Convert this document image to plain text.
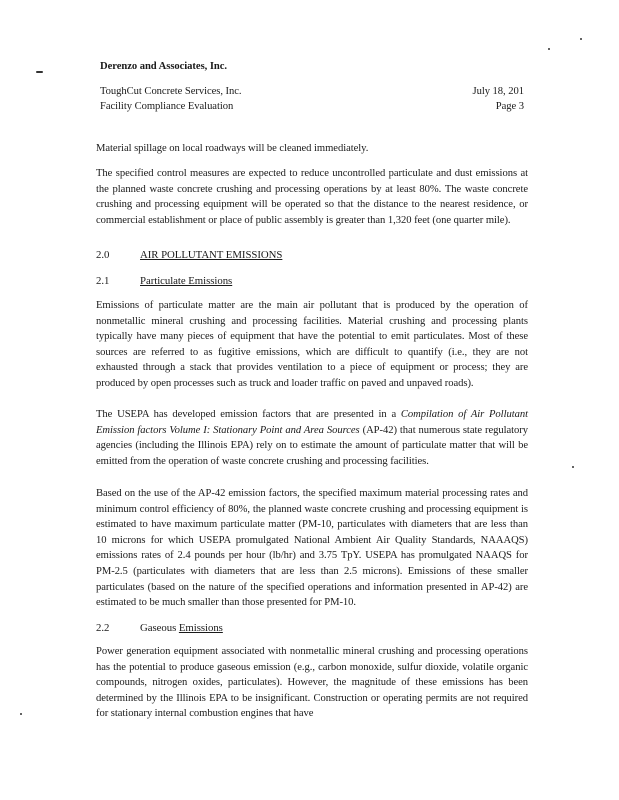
Derenzo and Associates, Inc.
ToughCut Concrete Services, Inc.
Facility Compliance Evaluation
July 18, 201
Page 3
Material spillage on local roadways will be cleaned immediately.
The specified control measures are expected to reduce uncontrolled particulate and dust emissions at the planned waste concrete crushing and processing operations by at least 80%. The waste concrete crushing and processing equipment will be operated so that the distance to the nearest residence, or commercial establishment or place of public assembly is greater than 1,320 feet (one quarter mile).
2.0	AIR POLLUTANT EMISSIONS
2.1	Particulate Emissions
Emissions of particulate matter are the main air pollutant that is produced by the operation of nonmetallic mineral crushing and processing facilities. Material crushing and processing plants typically have many pieces of equipment that have the potential to emit particulates. Most of these sources are referred to as fugitive emissions, which are difficult to quantify (i.e., they are not exhausted through a stack that provides ventilation to a piece of equipment or process; they are produced by open processes such as truck and loader traffic on paved and unpaved roads).
The USEPA has developed emission factors that are presented in a Compilation of Air Pollutant Emission factors Volume I: Stationary Point and Area Sources (AP-42) that numerous state regulatory agencies (including the Illinois EPA) rely on to estimate the amount of particulate matter that will be emitted from the operation of waste concrete crushing and processing facilities.
Based on the use of the AP-42 emission factors, the specified maximum material processing rates and minimum control efficiency of 80%, the planned waste concrete crushing and processing equipment is estimated to have maximum particulate matter (PM-10, particulates with diameters that are less than 10 microns for which USEPA promulgated National Ambient Air Quality Standards, NAAAQS) emissions rates of 2.4 pounds per hour (lb/hr) and 3.75 TpY. USEPA has promulgated NAAQS for PM-2.5 (particulates with diameters that are less than 2.5 microns). Emissions of these smaller particulates (based on the nature of the specified operations and information presented in AP-42) are estimated to be much smaller than those presented for PM-10.
2.2	Gaseous Emissions
Power generation equipment associated with nonmetallic mineral crushing and processing operations has the potential to produce gaseous emission (e.g., carbon monoxide, sulfur dioxide, volatile organic compounds, nitrogen oxides, particulates). However, the magnitude of these emissions has been determined by the Illinois EPA to be insignificant. Construction or operating permits are not required for stationary internal combustion engines that have
